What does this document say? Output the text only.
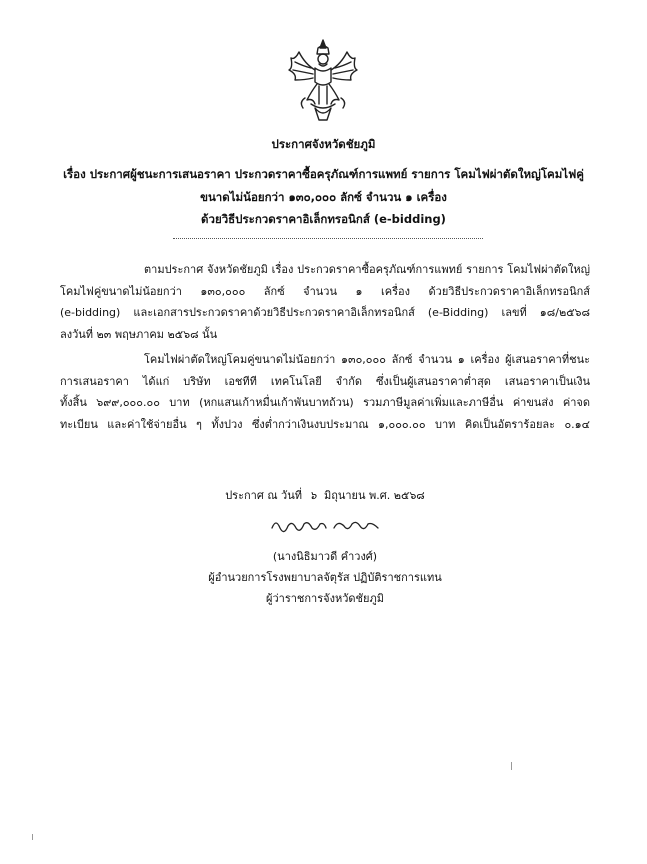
ประกาศจังหวัดชัยภูมิ
เรื่อง ประกาศผู้ชนะการเสนอราคา ประกวดราคาซื้อครุภัณฑ์การแพทย์ รายการ โคมไฟผ่าตัดใหญ่โคมไฟคู่
ขนาดไม่น้อยกว่า ๑๓๐,๐๐๐ ลักซ์ จำนวน ๑ เครื่อง
ด้วยวิธีประกวดราคาอิเล็กทรอนิกส์ (e-bidding)
ตามประกาศ จังหวัดชัยภูมิ เรื่อง ประกวดราคาซื้อครุภัณฑ์การแพทย์ รายการ โคมไฟผ่าตัดใหญ่
โคมไฟคู่ขนาดไม่น้อยกว่า ๑๓๐,๐๐๐ ลักซ์ จำนวน ๑ เครื่อง ด้วยวิธีประกวดราคาอิเล็กทรอนิกส์
(e-bidding) และเอกสารประกวดราคาด้วยวิธีประกวดราคาอิเล็กทรอนิกส์ (e-Bidding) เลขที่ ๑๘/๒๕๖๘
ลงวันที่ ๒๓ พฤษภาคม ๒๕๖๘ นั้น
โคมไฟผ่าตัดใหญ่โคมคู่ขนาดไม่น้อยกว่า ๑๓๐,๐๐๐ ลักซ์ จำนวน ๑ เครื่อง ผู้เสนอราคาที่ชนะ
การเสนอราคา ได้แก่ บริษัท เอชทีที เทคโนโลยี จำกัด ซึ่งเป็นผู้เสนอราคาต่ำสุด เสนอราคาเป็นเงิน
ทั้งสิ้น ๖๙๙,๐๐๐.๐๐ บาท (หกแสนเก้าหมื่นเก้าพันบาทถ้วน) รวมภาษีมูลค่าเพิ่มและภาษีอื่น ค่าขนส่ง ค่าจด
ทะเบียน และค่าใช้จ่ายอื่น ๆ ทั้งปวง ซึ่งต่ำกว่าเงินงบประมาณ ๑,๐๐๐.๐๐ บาท คิดเป็นอัตราร้อยละ ๐.๑๔
ประกาศ ณ วันที่ ๖ มิถุนายน พ.ศ. ๒๕๖๘
(นางนิธิมาวดี คำวงศ์)
ผู้อำนวยการโรงพยาบาลจัตุรัส ปฏิบัติราชการแทน
ผู้ว่าราชการจังหวัดชัยภูมิ
